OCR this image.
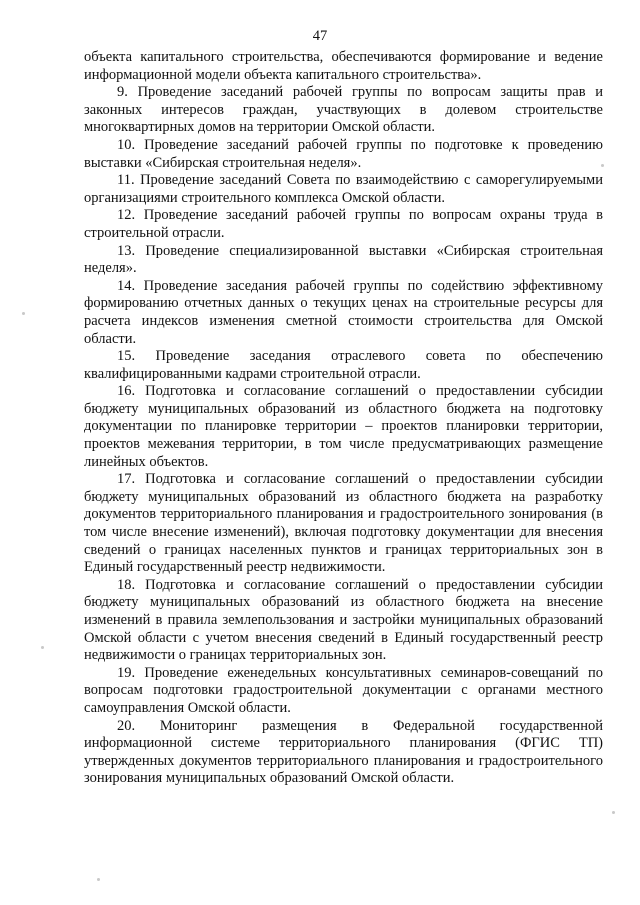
47

объекта капитального строительства, обеспечиваются формирование и ведение информационной модели объекта капитального строительства».

9. Проведение заседаний рабочей группы по вопросам защиты прав и законных интересов граждан, участвующих в долевом строительстве многоквартирных домов на территории Омской области.

10. Проведение заседаний рабочей группы по подготовке к проведению выставки «Сибирская строительная неделя».

11. Проведение заседаний Совета по взаимодействию с саморегулируемыми организациями строительного комплекса Омской области.

12. Проведение заседаний рабочей группы по вопросам охраны труда в строительной отрасли.

13. Проведение специализированной выставки «Сибирская строительная неделя».

14. Проведение заседания рабочей группы по содействию эффективному формированию отчетных данных о текущих ценах на строительные ресурсы для расчета индексов изменения сметной стоимости строительства для Омской области.

15. Проведение заседания отраслевого совета по обеспечению квалифицированными кадрами строительной отрасли.

16. Подготовка и согласование соглашений о предоставлении субсидии бюджету муниципальных образований из областного бюджета на подготовку документации по планировке территории – проектов планировки территории, проектов межевания территории, в том числе предусматривающих размещение линейных объектов.

17. Подготовка и согласование соглашений о предоставлении субсидии бюджету муниципальных образований из областного бюджета на разработку документов территориального планирования и градостроительного зонирования (в том числе внесение изменений), включая подготовку документации для внесения сведений о границах населенных пунктов и границах территориальных зон в Единый государственный реестр недвижимости.

18. Подготовка и согласование соглашений о предоставлении субсидии бюджету муниципальных образований из областного бюджета на внесение изменений в правила землепользования и застройки муниципальных образований Омской области с учетом внесения сведений в Единый государственный реестр недвижимости о границах территориальных зон.

19. Проведение еженедельных консультативных семинаров-совещаний по вопросам подготовки градостроительной документации с органами местного самоуправления Омской области.

20. Мониторинг размещения в Федеральной государственной информационной системе территориального планирования (ФГИС ТП) утвержденных документов территориального планирования и градостроительного зонирования муниципальных образований Омской области.
